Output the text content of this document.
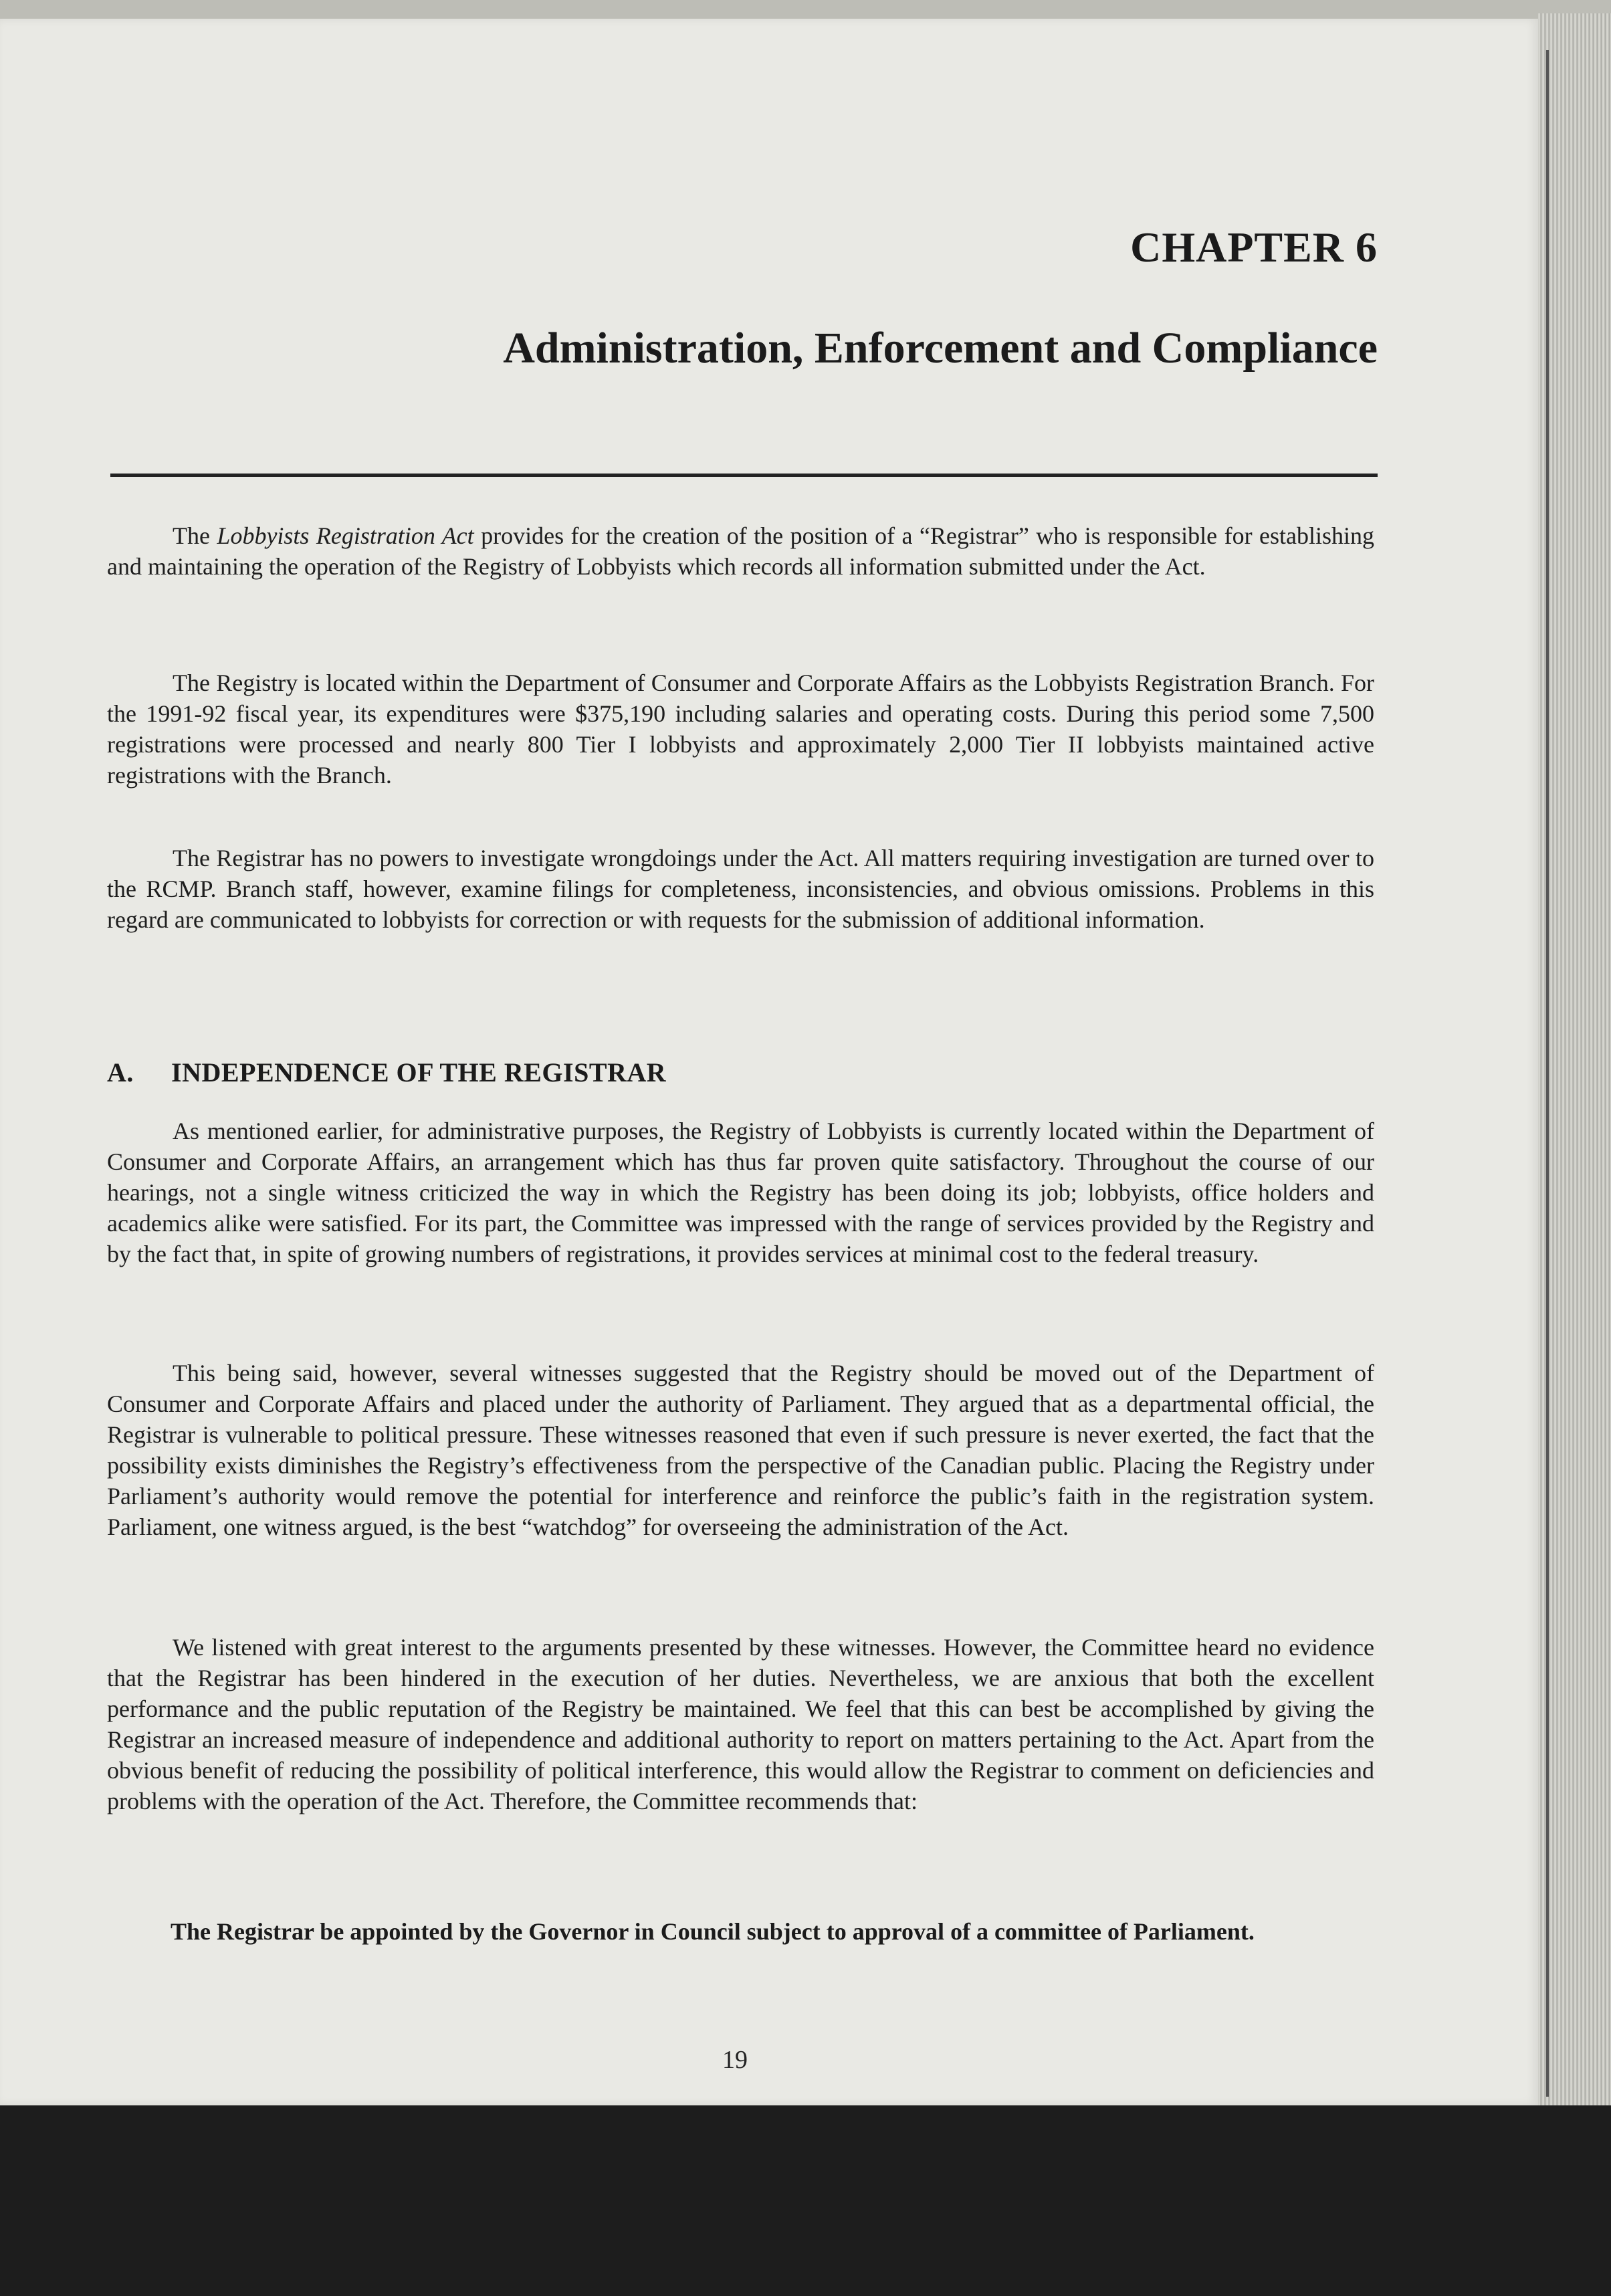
CHAPTER 6
Administration, Enforcement and Compliance

The Lobbyists Registration Act provides for the creation of the position of a “Registrar” who is responsible for establishing and maintaining the operation of the Registry of Lobbyists which records all information submitted under the Act.

The Registry is located within the Department of Consumer and Corporate Affairs as the Lobbyists Registration Branch. For the 1991-92 fiscal year, its expenditures were $375,190 including salaries and operating costs. During this period some 7,500 registrations were processed and nearly 800 Tier I lobbyists and approximately 2,000 Tier II lobbyists maintained active registrations with the Branch.

The Registrar has no powers to investigate wrongdoings under the Act. All matters requiring investigation are turned over to the RCMP. Branch staff, however, examine filings for completeness, inconsistencies, and obvious omissions. Problems in this regard are communicated to lobbyists for correction or with requests for the submission of additional information.

A. INDEPENDENCE OF THE REGISTRAR

As mentioned earlier, for administrative purposes, the Registry of Lobbyists is currently located within the Department of Consumer and Corporate Affairs, an arrangement which has thus far proven quite satisfactory. Throughout the course of our hearings, not a single witness criticized the way in which the Registry has been doing its job; lobbyists, office holders and academics alike were satisfied. For its part, the Committee was impressed with the range of services provided by the Registry and by the fact that, in spite of growing numbers of registrations, it provides services at minimal cost to the federal treasury.

This being said, however, several witnesses suggested that the Registry should be moved out of the Department of Consumer and Corporate Affairs and placed under the authority of Parliament. They argued that as a departmental official, the Registrar is vulnerable to political pressure. These witnesses reasoned that even if such pressure is never exerted, the fact that the possibility exists diminishes the Registry’s effectiveness from the perspective of the Canadian public. Placing the Registry under Parliament’s authority would remove the potential for interference and reinforce the public’s faith in the registration system. Parliament, one witness argued, is the best “watchdog” for overseeing the administration of the Act.

We listened with great interest to the arguments presented by these witnesses. However, the Committee heard no evidence that the Registrar has been hindered in the execution of her duties. Nevertheless, we are anxious that both the excellent performance and the public reputation of the Registry be maintained. We feel that this can best be accomplished by giving the Registrar an increased measure of independence and additional authority to report on matters pertaining to the Act. Apart from the obvious benefit of reducing the possibility of political interference, this would allow the Registrar to comment on deficiencies and problems with the operation of the Act. Therefore, the Committee recommends that:

The Registrar be appointed by the Governor in Council subject to approval of a committee of Parliament.
19
